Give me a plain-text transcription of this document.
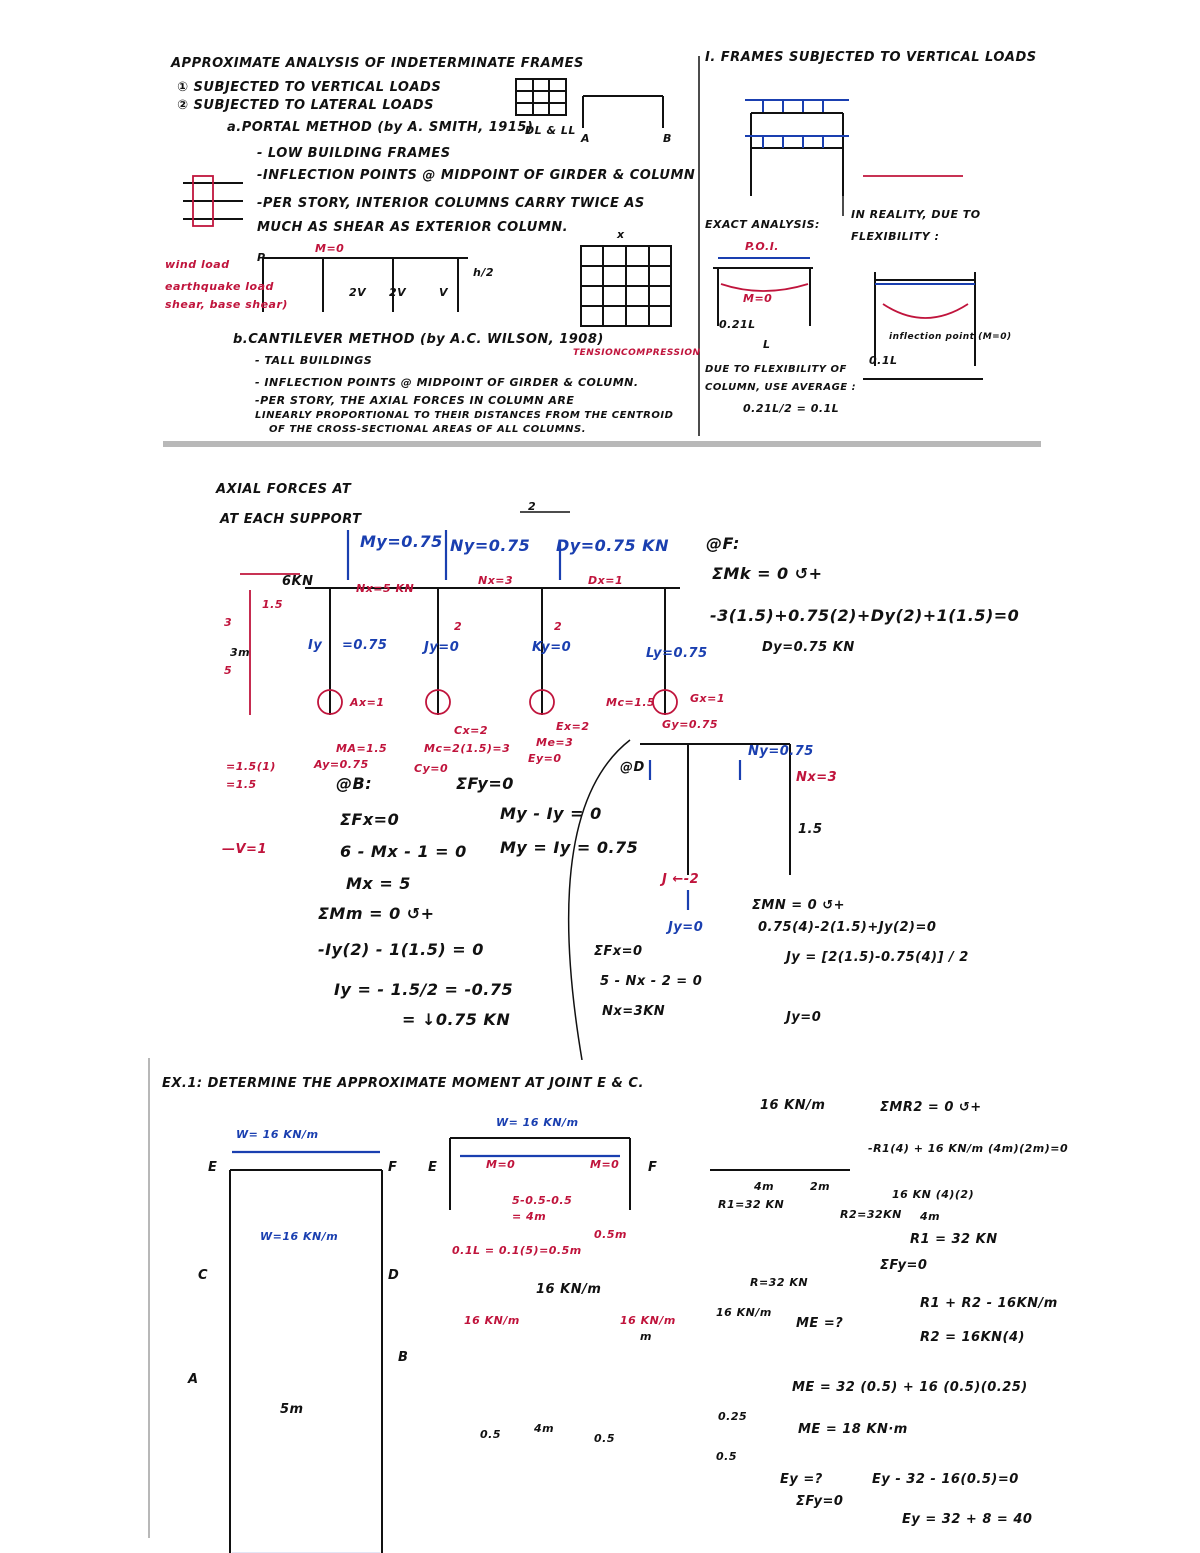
APPROXIMATE ANALYSIS OF INDETERMINATE FRAMES
① SUBJECTED TO VERTICAL LOADS
② SUBJECTED TO LATERAL LOADS
a.PORTAL METHOD (by A. SMITH, 1915)
- LOW BUILDING FRAMES
-INFLECTION POINTS @ MIDPOINT OF GIRDER & COLUMN
-PER STORY, INTERIOR COLUMNS CARRY TWICE AS
MUCH AS SHEAR AS EXTERIOR COLUMN.
wind load
earthquake load
shear, base shear)
M=0
P
h/2
2V 2V	V
DL & LL
A	B
x
TENSION COMPRESSION
b.CANTILEVER METHOD (by A.C. WILSON, 1908)
- TALL BUILDINGS
- INFLECTION POINTS @ MIDPOINT OF GIRDER & COLUMN.
-PER STORY, THE AXIAL FORCES IN COLUMN ARE
LINEARLY PROPORTIONAL TO THEIR DISTANCES FROM THE CENTROID
OF THE CROSS-SECTIONAL AREAS OF ALL COLUMNS.
I. FRAMES SUBJECTED TO VERTICAL LOADS
EXACT ANALYSIS:
IN REALITY, DUE TO
FLEXIBILITY :
P.O.I.
M=0
0.21L
L
inflection point (M=0)
0.1L
DUE TO FLEXIBILITY OF
COLUMN, USE AVERAGE :
0.21L/2 = 0.1L
AXIAL FORCES AT
AT EACH SUPPORT
My=0.75 Ny=0.75 Dy=0.75 KN @F:
ΣMk = 0 ↺+
-3(1.5)+0.75(2)+Dy(2)+1(1.5)=0
Dy=0.75 KN
6KN	Nx=5 KN
Nx=3	Dx=1
Iy =0.75	Jy=0	Ky=0	Ly=0.75
2
2
Ax=1
MA=1.5
Ay=0.75
Cx=2
Mc=2(1.5)=3
Cy=0
Ex=2
Me=3
Ey=0
Gx=1
Gy=0.75
Mc=1.5
@B:
ΣFx=0
6 - Mx - 1 = 0
Mx = 5
ΣMm = 0 ↺+
-Iy(2) - 1(1.5) = 0
Iy = - 1.5/2 = -0.75
= ↓0.75 KN
ΣFy=0
My - Iy = 0
My = Iy = 0.75
—V=1
=1.5(1)
=1.5
@D
Ny=0.75
Nx=3
1.5
J ←-2
Jy=0
ΣMN = 0 ↺+
0.75(4)-2(1.5)+Jy(2)=0
Jy = [2(1.5)-0.75(4)] / 2
Jy=0
ΣFx=0
5 - Nx - 2 = 0
Nx=3KN
2
3m
3
5
1.5
EX.1: DETERMINE THE APPROXIMATE MOMENT AT JOINT E & C.
W= 16 KN/m
E	F
W=16 KN/m
C	D
A
B
5m
W= 16 KN/m
E	F
M=0	M=0
5-0.5-0.5
= 4m
0.5m
0.1L = 0.1(5)=0.5m
16 KN/m
16 KN/m	16 KN/m
m
0.5	4m
0.5
16 KN/m
4m	2m
R1=32 KN
R2=32KN
ΣMR2 = 0 ↺+
-R1(4) + 16 KN/m (4m)(2m)=0
16 KN (4)(2)
4m
R1 = 32 KN
ΣFy=0
R1 + R2 - 16KN/m
R2 = 16KN(4)
R=32 KN
16 KN/m
ME =?
ME = 32 (0.5) + 16 (0.5)(0.25)
ME = 18 KN·m
0.25
0.5
Ey =?
ΣFy=0
Ey - 32 - 16(0.5)=0
Ey = 32 + 8 = 40
